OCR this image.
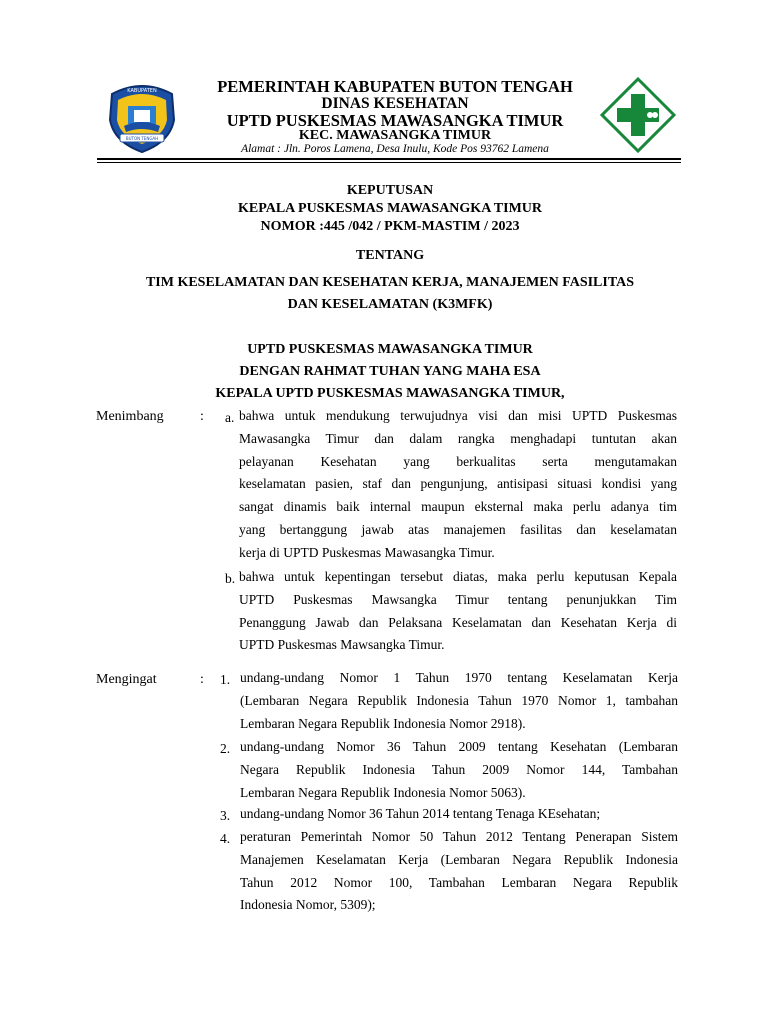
KABUPATEN
BUTON TENGAH
PEMERINTAH KABUPATEN BUTON TENGAH
DINAS KESEHATAN
UPTD PUSKESMAS MAWASANGKA TIMUR
KEC. MAWASANGKA TIMUR
Alamat : Jln. Poros Lamena, Desa Inulu, Kode Pos 93762 Lamena
KEPUTUSAN
KEPALA PUSKESMAS MAWASANGKA TIMUR
NOMOR :445 /042 / PKM-MASTIM / 2023
TENTANG
TIM KESELAMATAN DAN KESEHATAN KERJA, MANAJEMEN FASILITAS
DAN KESELAMATAN (K3MFK)
UPTD PUSKESMAS MAWASANGKA TIMUR
DENGAN RAHMAT TUHAN YANG MAHA ESA
KEPALA UPTD PUSKESMAS MAWASANGKA TIMUR,
Menimbang	: a. bahwa untuk mendukung terwujudnya visi dan misi UPTD Puskesmas
Mawasangka Timur dan dalam rangka menghadapi tuntutan akan
pelayanan Kesehatan yang berkualitas serta mengutamakan
keselamatan pasien, staf dan pengunjung, antisipasi situasi kondisi yang
sangat dinamis baik internal maupun eksternal maka perlu adanya tim
yang bertanggung jawab atas manajemen fasilitas dan keselamatan
kerja di UPTD Puskesmas Mawasangka Timur.
b. bahwa untuk kepentingan tersebut diatas, maka perlu keputusan Kepala
UPTD Puskesmas Mawsangka Timur tentang penunjukkan Tim
Penanggung Jawab dan Pelaksana Keselamatan dan Kesehatan Kerja di
UPTD Puskesmas Mawsangka Timur.
Mengingat	: 1. undang-undang Nomor 1 Tahun 1970 tentang Keselamatan Kerja
(Lembaran Negara Republik Indonesia Tahun 1970 Nomor 1, tambahan
Lembaran Negara Republik Indonesia Nomor 2918).
2. undang-undang Nomor 36 Tahun 2009 tentang Kesehatan (Lembaran
Negara Republik Indonesia Tahun 2009 Nomor 144, Tambahan
Lembaran Negara Republik Indonesia Nomor 5063).
3. undang-undang Nomor 36 Tahun 2014 tentang Tenaga KEsehatan;
4. peraturan Pemerintah Nomor 50 Tahun 2012 Tentang Penerapan Sistem
Manajemen Keselamatan Kerja (Lembaran Negara Republik Indonesia
Tahun 2012 Nomor 100, Tambahan Lembaran Negara Republik
Indonesia Nomor, 5309);
